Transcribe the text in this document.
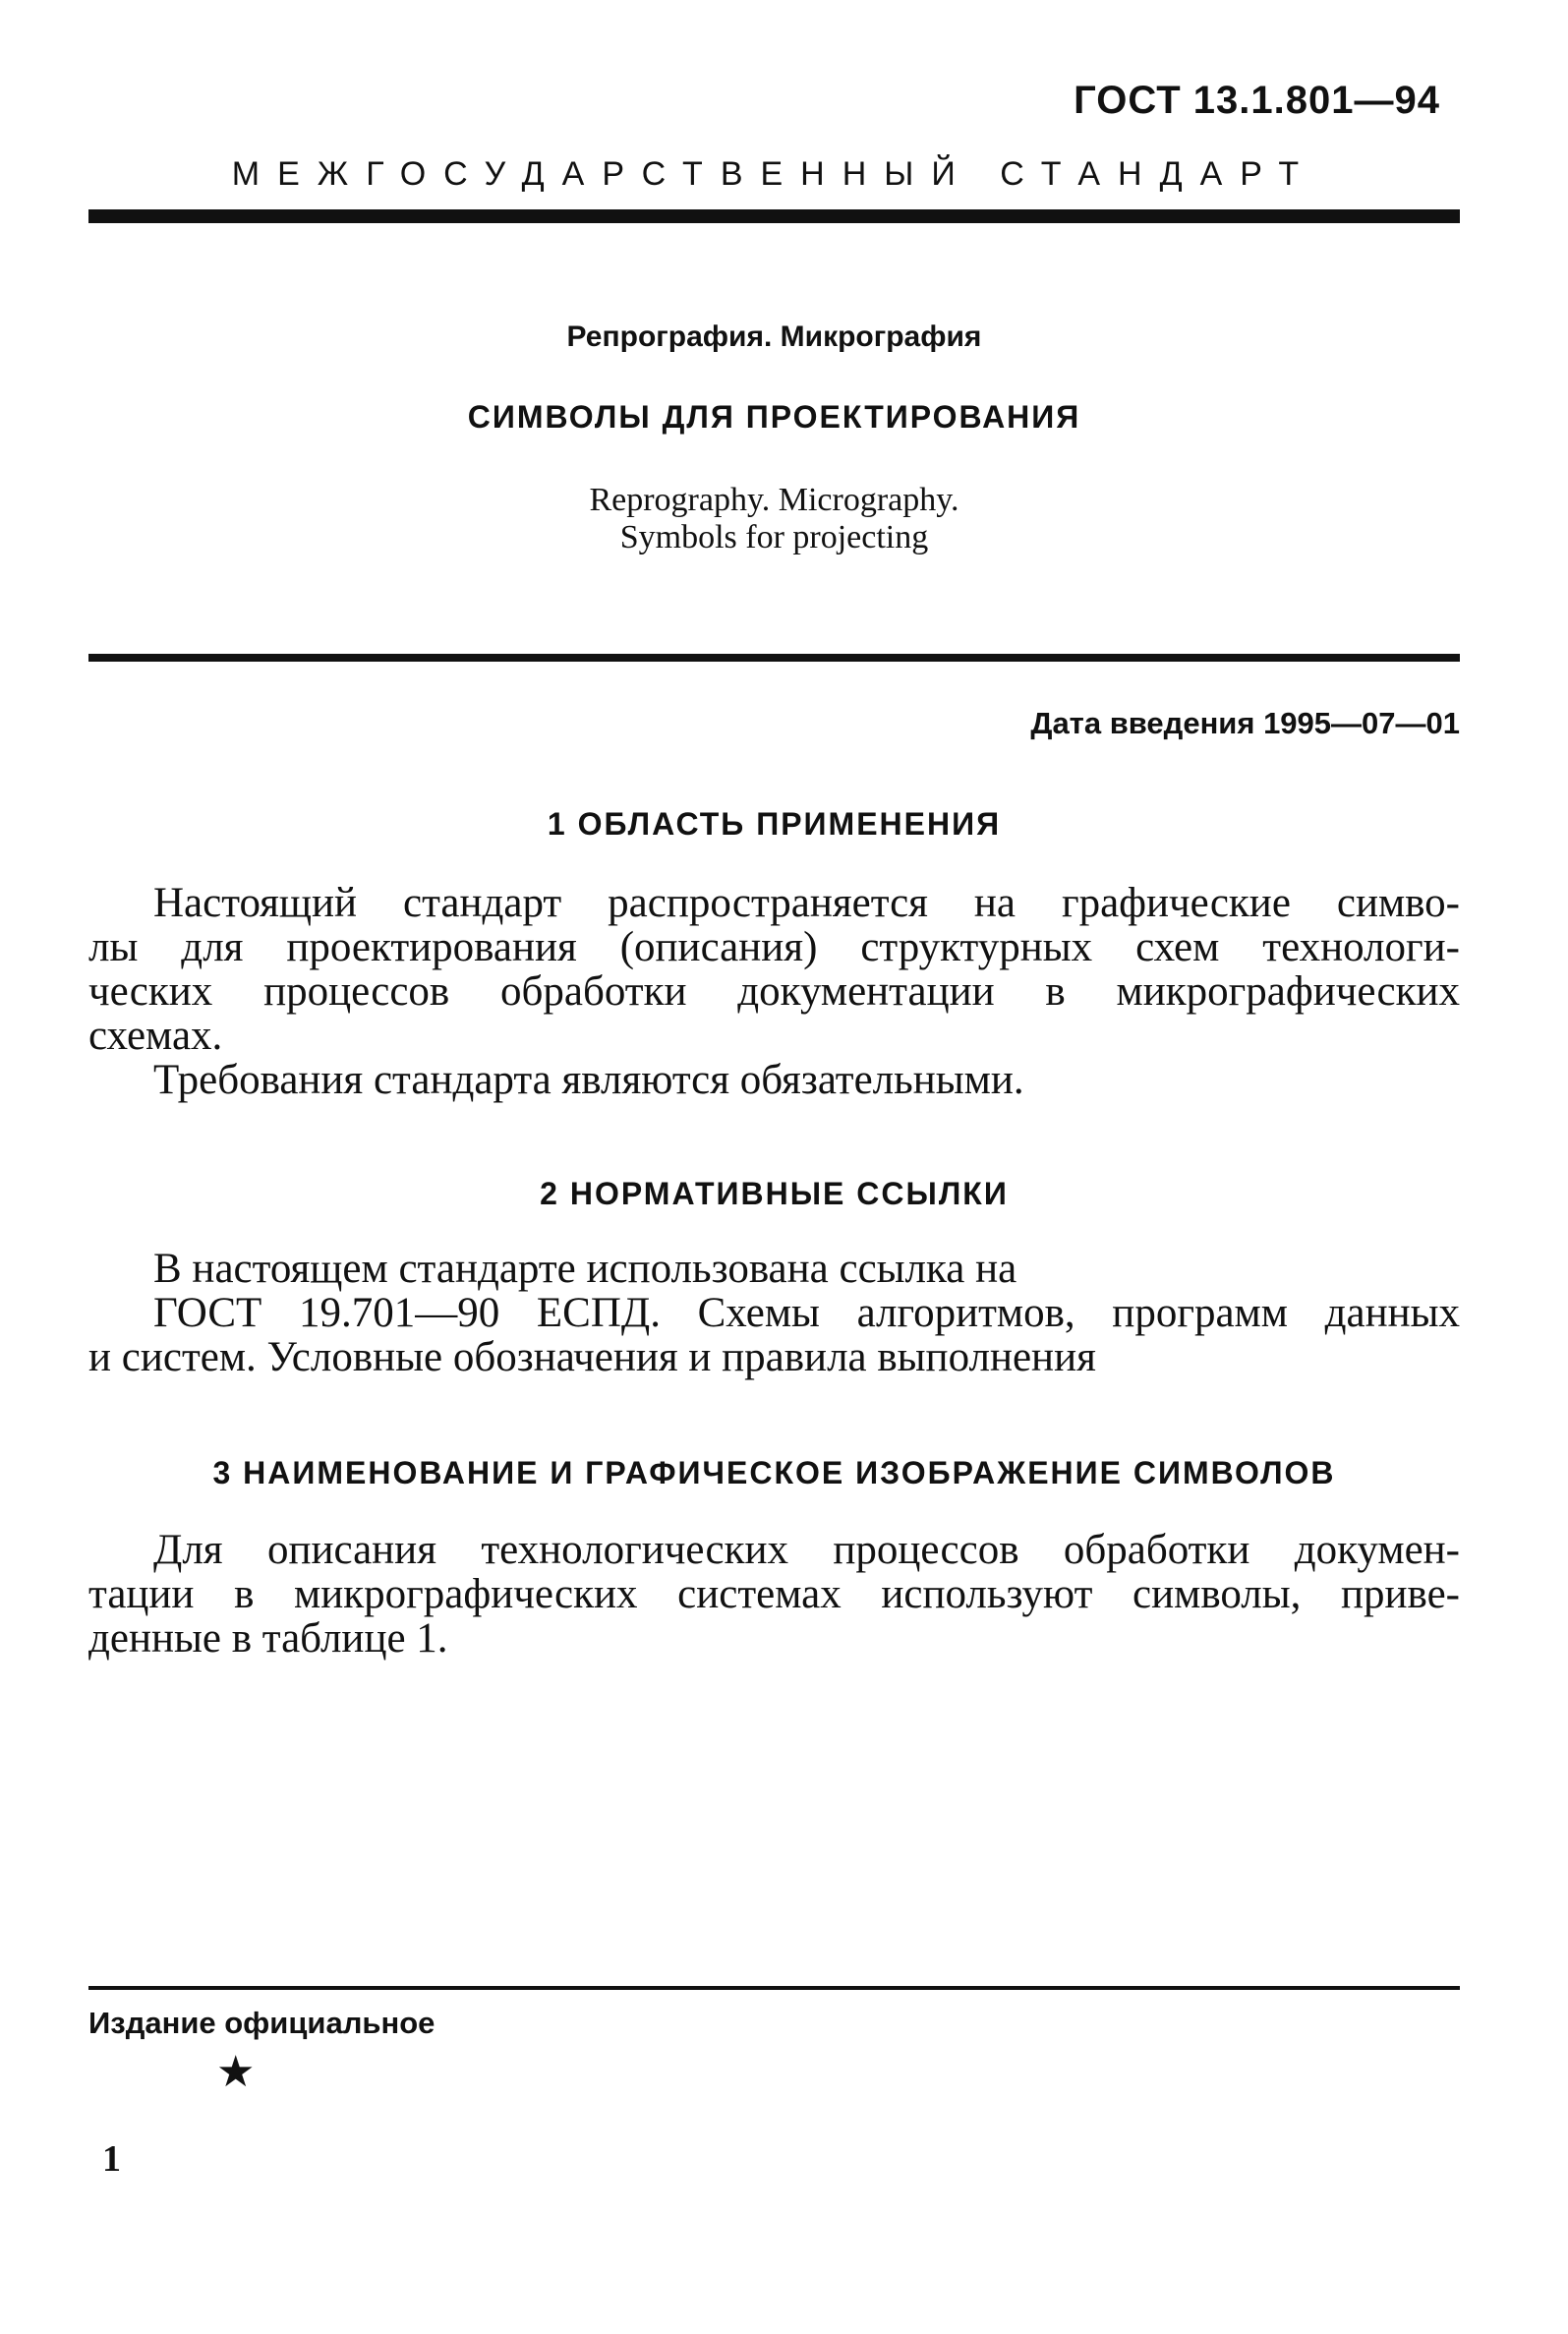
ГОСТ 13.1.801—94
МЕЖГОСУДАРСТВЕННЫЙ СТАНДАРТ
Репрография. Микрография
СИМВОЛЫ ДЛЯ ПРОЕКТИРОВАНИЯ
Reprography. Micrography.
Symbols for projecting
Дата введения 1995—07—01
1 ОБЛАСТЬ ПРИМЕНЕНИЯ
Настоящий стандарт распространяется на графические симво-
лы для проектирования (описания) структурных схем технологи-
ческих процессов обработки документации в микрографических
схемах.
Требования стандарта являются обязательными.
2 НОРМАТИВНЫЕ ССЫЛКИ
В настоящем стандарте использована ссылка на
ГОСТ 19.701—90 ЕСПД. Схемы алгоритмов, программ данных
и систем. Условные обозначения и правила выполнения
3 НАИМЕНОВАНИЕ И ГРАФИЧЕСКОЕ ИЗОБРАЖЕНИЕ СИМВОЛОВ
Для описания технологических процессов обработки докумен-
тации в микрографических системах используют символы, приве-
денные в таблице 1.
Издание официальное
★
1
